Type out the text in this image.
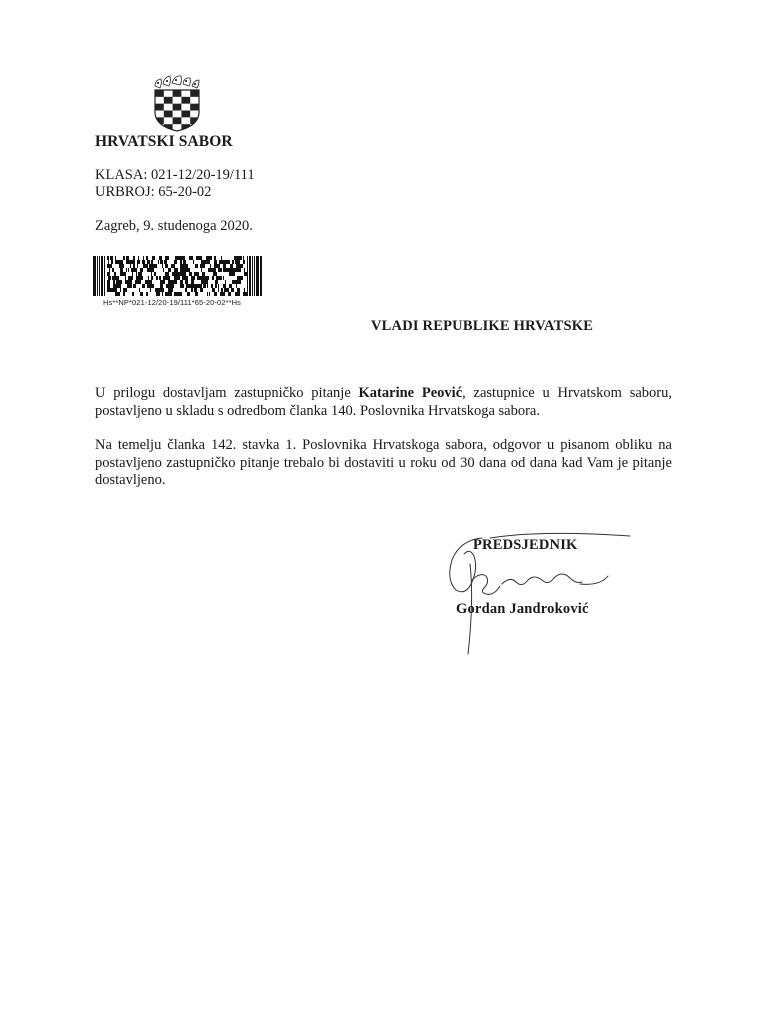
HRVATSKI SABOR
KLASA: 021-12/20-19/111
URBROJ: 65-20-02
Zagreb, 9. studenoga 2020.
Hs**NP*021-12/20-19/111*65-20-02**Hs
VLADI REPUBLIKE HRVATSKE
U prilogu dostavljam zastupničko pitanje Katarine Peović, zastupnice u Hrvatskom saboru, postavljeno u skladu s odredbom članka 140. Poslovnika Hrvatskoga sabora.
Na temelju članka 142. stavka 1. Poslovnika Hrvatskoga sabora, odgovor u pisanom obliku na postavljeno zastupničko pitanje trebalo bi dostaviti u roku od 30 dana od dana kad Vam je pitanje dostavljeno.
PREDSJEDNIK
Gordan Jandroković
